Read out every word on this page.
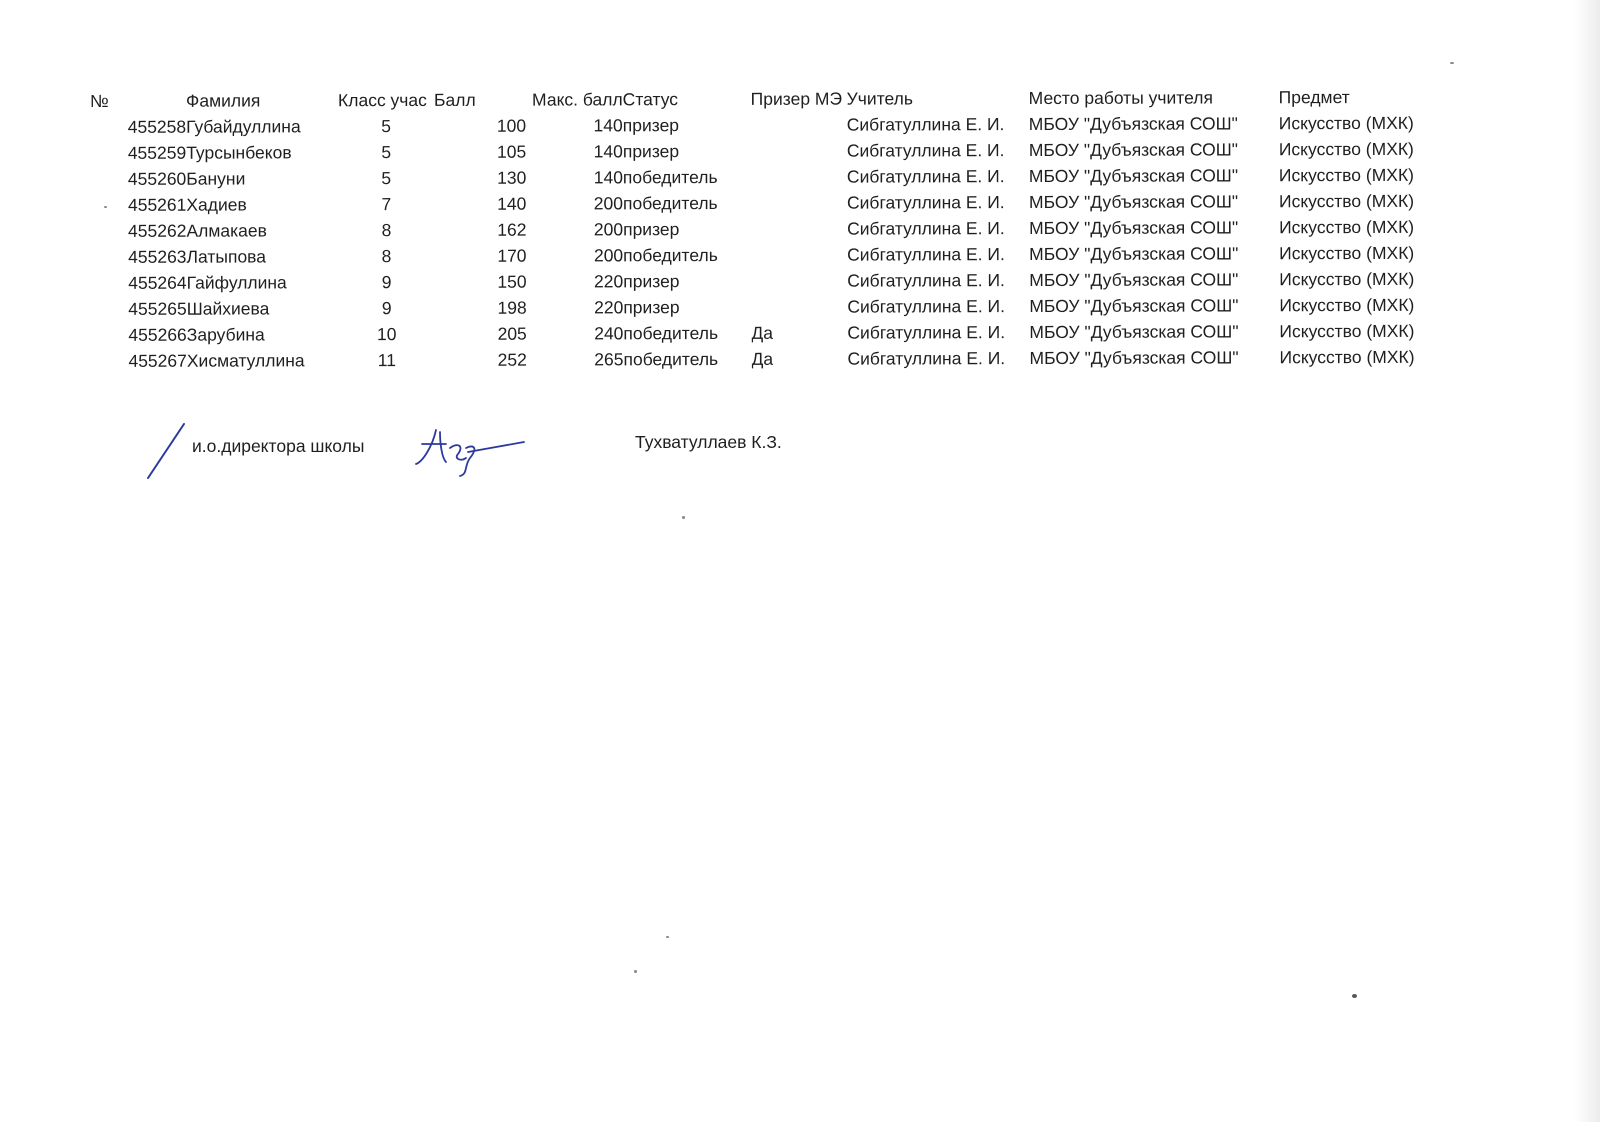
№	Фамилия	Класс учас	Балл	Макс. балл	Статус	Призер МЭ	Учитель	Место работы учителя	Предмет
455258	Губайдуллина	5	100	140	призер		Сибгатуллина Е. И.	МБОУ "Дубъязская СОШ"	Искусство (МХК)
455259	Турсынбеков	5	105	140	призер		Сибгатуллина Е. И.	МБОУ "Дубъязская СОШ"	Искусство (МХК)
455260	Бануни	5	130	140	победитель		Сибгатуллина Е. И.	МБОУ "Дубъязская СОШ"	Искусство (МХК)
455261	Хадиев	7	140	200	победитель		Сибгатуллина Е. И.	МБОУ "Дубъязская СОШ"	Искусство (МХК)
455262	Алмакаев	8	162	200	призер		Сибгатуллина Е. И.	МБОУ "Дубъязская СОШ"	Искусство (МХК)
455263	Латыпова	8	170	200	победитель		Сибгатуллина Е. И.	МБОУ "Дубъязская СОШ"	Искусство (МХК)
455264	Гайфуллина	9	150	220	призер		Сибгатуллина Е. И.	МБОУ "Дубъязская СОШ"	Искусство (МХК)
455265	Шайхиева	9	198	220	призер		Сибгатуллина Е. И.	МБОУ "Дубъязская СОШ"	Искусство (МХК)
455266	Зарубина	10	205	240	победитель	Да	Сибгатуллина Е. И.	МБОУ "Дубъязская СОШ"	Искусство (МХК)
455267	Хисматуллина	11	252	265	победитель	Да	Сибгатуллина Е. И.	МБОУ "Дубъязская СОШ"	Искусство (МХК)
и.о.директора школы	Тухватуллаев К.З.
